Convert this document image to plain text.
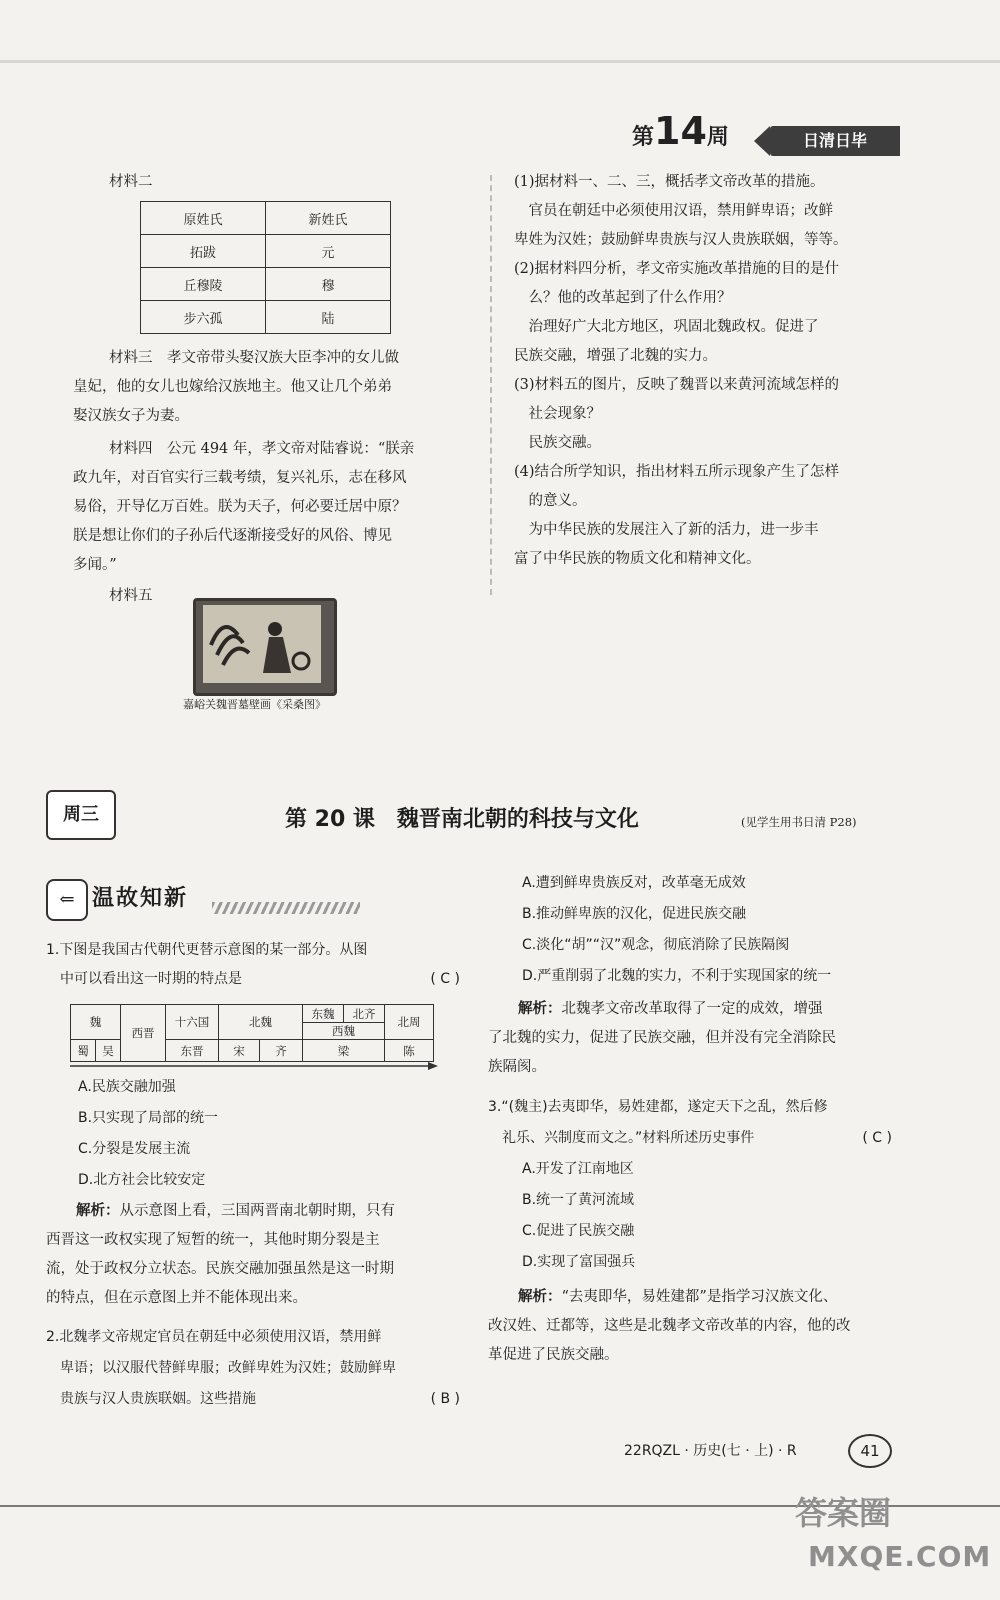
第14周	日清日毕

材料二

原姓氏	新姓氏
拓跋	元
丘穆陵	穆
步六孤	陆

材料三　孝文帝带头娶汉族大臣李冲的女儿做

皇妃，他的女儿也嫁给汉族地主。他又让几个弟弟

娶汉族女子为妻。

材料四　公元 494 年，孝文帝对陆睿说：“朕亲

政九年，对百官实行三载考绩，复兴礼乐，志在移风

易俗，开导亿万百姓。朕为天子，何必要迁居中原？

朕是想让你们的子孙后代逐渐接受好的风俗、博见

多闻。”

材料五

嘉峪关魏晋墓壁画《采桑图》

(1)据材料一、二、三，概括孝文帝改革的措施。

　官员在朝廷中必须使用汉语，禁用鲜卑语；改鲜

卑姓为汉姓；鼓励鲜卑贵族与汉人贵族联姻，等等。

(2)据材料四分析，孝文帝实施改革措施的目的是什

　么？他的改革起到了什么作用？

　治理好广大北方地区，巩固北魏政权。促进了

民族交融，增强了北魏的实力。

(3)材料五的图片，反映了魏晋以来黄河流域怎样的

　社会现象？

　民族交融。

(4)结合所学知识，指出材料五所示现象产生了怎样

　的意义。

　为中华民族的发展注入了新的活力，进一步丰

富了中华民族的物质文化和精神文化。

周三	第 20 课　魏晋南北朝的科技与文化	(见学生用书日清 P28)
⇐ 温故知新

1.下图是我国古代朝代更替示意图的某一部分。从图

　中可以看出这一时期的特点是	( C )

魏		西晋	十六国	北魏		东魏	北齐	北周
						西魏		
蜀	吴		东晋	宋	齐	梁		陈

A.民族交融加强

B.只实现了局部的统一

C.分裂是发展主流

D.北方社会比较安定

解析：从示意图上看，三国两晋南北朝时期，只有

西晋这一政权实现了短暂的统一，其他时期分裂是主

流，处于政权分立状态。民族交融加强虽然是这一时期

的特点，但在示意图上并不能体现出来。

2.北魏孝文帝规定官员在朝廷中必须使用汉语，禁用鲜

　卑语；以汉服代替鲜卑服；改鲜卑姓为汉姓；鼓励鲜卑

　贵族与汉人贵族联姻。这些措施	( B )

A.遭到鲜卑贵族反对，改革毫无成效

B.推动鲜卑族的汉化，促进民族交融

C.淡化“胡”“汉”观念，彻底消除了民族隔阂

D.严重削弱了北魏的实力，不利于实现国家的统一

解析：北魏孝文帝改革取得了一定的成效，增强

了北魏的实力，促进了民族交融，但并没有完全消除民

族隔阂。

3.“(魏主)去夷即华，易姓建都，遂定天下之乱，然后修

　礼乐、兴制度而文之。”材料所述历史事件	( C )

A.开发了江南地区

B.统一了黄河流域

C.促进了民族交融

D.实现了富国强兵

解析：“去夷即华，易姓建都”是指学习汉族文化、

改汉姓、迁都等，这些是北魏孝文帝改革的内容，他的改

革促进了民族交融。

22RQZL · 历史(七 · 上) · R	41
答案圈
MXQE.COM
